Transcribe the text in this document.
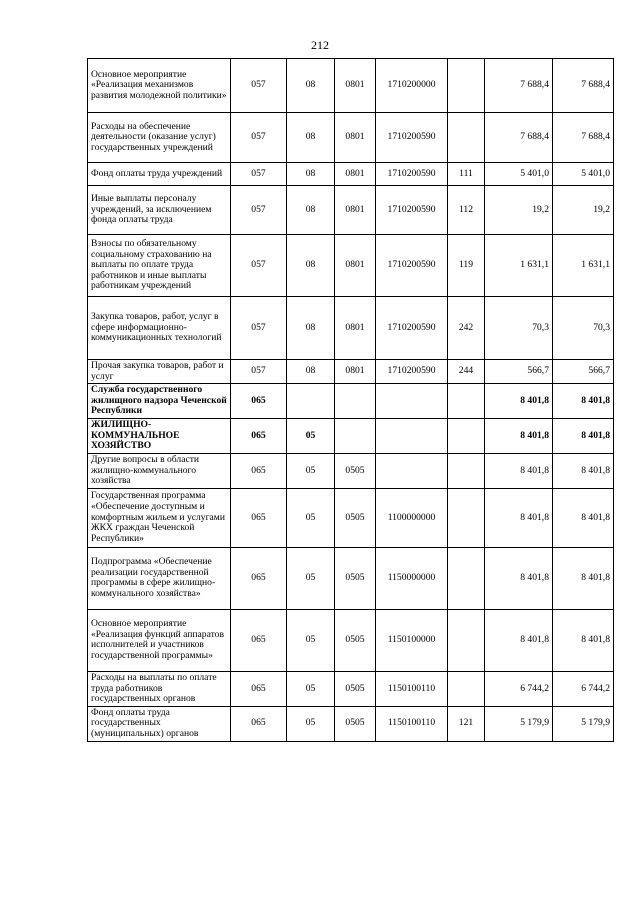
212
Основное мероприятие «Реализация механизмов развития молодежной политики»	057	08	0801	1710200000		7 688,4	7 688,4
Расходы на обеспечение деятельности (оказание услуг) государственных учреждений	057	08	0801	1710200590		7 688,4	7 688,4
Фонд оплаты труда учреждений	057	08	0801	1710200590	111	5 401,0	5 401,0
Иные выплаты персоналу учреждений, за исключением фонда оплаты труда	057	08	0801	1710200590	112	19,2	19,2
Взносы по обязательному социальному страхованию на выплаты по оплате труда работников и иные выплаты работникам учреждений	057	08	0801	1710200590	119	1 631,1	1 631,1
Закупка товаров, работ, услуг в сфере информационно-коммуникационных технологий	057	08	0801	1710200590	242	70,3	70,3
Прочая закупка товаров, работ и услуг	057	08	0801	1710200590	244	566,7	566,7
Служба государственного жилищного надзора Чеченской Республики	065					8 401,8	8 401,8
ЖИЛИЩНО-КОММУНАЛЬНОЕ ХОЗЯЙСТВО	065	05				8 401,8	8 401,8
Другие вопросы в области жилищно-коммунального хозяйства	065	05	0505			8 401,8	8 401,8
Государственная программа «Обеспечение доступным и комфортным жильем и услугами ЖКХ граждан Чеченской Республики»	065	05	0505	1100000000		8 401,8	8 401,8
Подпрограмма «Обеспечение реализации государственной программы в сфере жилищно-коммунального хозяйства»	065	05	0505	1150000000		8 401,8	8 401,8
Основное мероприятие «Реализация функций аппаратов исполнителей и участников государственной программы»	065	05	0505	1150100000		8 401,8	8 401,8
Расходы на выплаты по оплате труда работников государственных органов	065	05	0505	1150100110		6 744,2	6 744,2
Фонд оплаты труда государственных (муниципальных) органов	065	05	0505	1150100110	121	5 179,9	5 179,9
